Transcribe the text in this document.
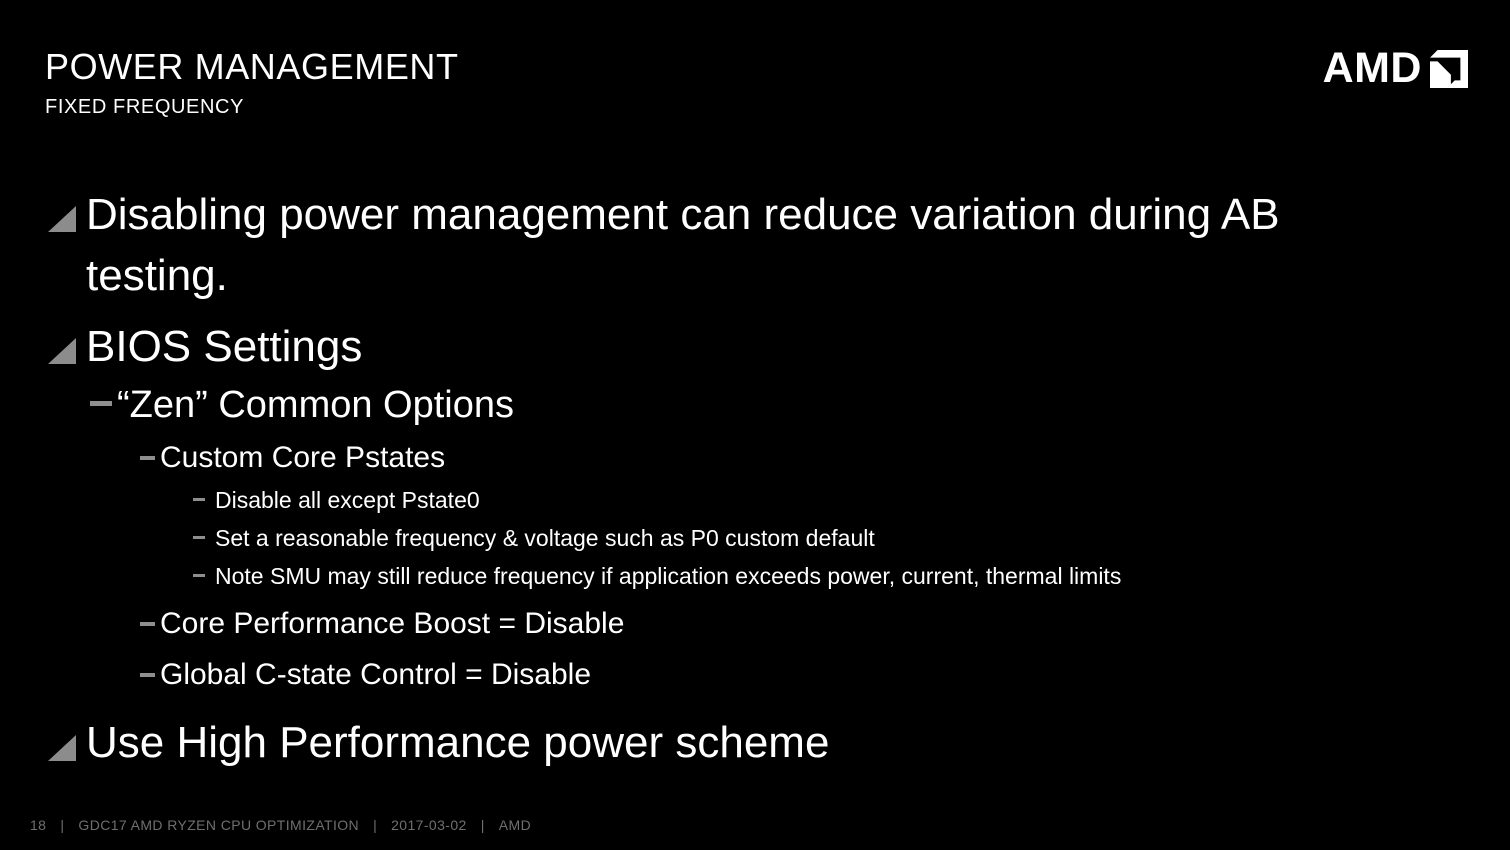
POWER MANAGEMENT
FIXED FREQUENCY
AMD
Disabling power management can reduce variation during AB testing.
BIOS Settings
“Zen” Common Options
Custom Core Pstates
Disable all except Pstate0
Set a reasonable frequency & voltage such as P0 custom default
Note SMU may still reduce frequency if application exceeds power, current, thermal limits
Core Performance Boost = Disable
Global C-state Control = Disable
Use High Performance power scheme
18 | GDC17 AMD RYZEN CPU OPTIMIZATION | 2017-03-02 | AMD
